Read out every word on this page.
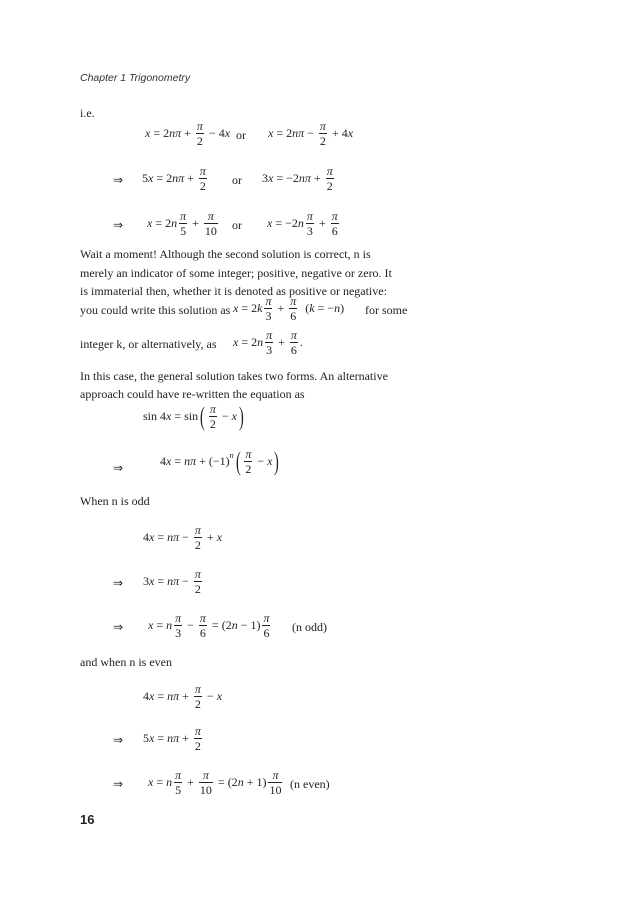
Chapter 1 Trigonometry
i.e.
x = 2 $n\pi + \frac{\pi}{2} - 4$ x or x = 2 $n\pi - \frac{\pi}{2} + 4$ x
⇒ 5 x = 2 $n\pi + \frac{\pi}{2}$ or 3 x = −2 $n\pi + \frac{\pi}{2}$
⇒ x = 2 n π
5
+ $\frac{\pi}{10}$ or x = −2 n π
3
+ $\frac{\pi}{6}$
Wait a moment! Although the second solution is correct, n is
merely an indicator of some integer; positive, negative or zero. It
is immaterial then, whether it is denoted as positive or negative:
you could write this solution as x = 2 k π
3
+ $\frac{\pi}{6}$ ( k = − n ) for some
integer k, or alternatively, as x = 2 n π
3
+ $\frac{\pi}{6}$ .
In this case, the general solution takes two forms. An alternative
approach could have re-written the equation as
sin 4 x = sin ( π
2
− x )
⇒	4 x = nπ + (−1) n ( π
2
− x )
When n is odd
4 $x = n\pi - \frac{\pi}{2} + x$
⇒ 3 $x = n\pi - \frac{\pi}{2}$
⇒ x = n π
3
− $\frac{\pi}{6} = (2$ $n - 1) \frac{\pi}{6} (n$ odd)
and when n is even
4 $x = n\pi + \frac{\pi}{2} - x$
⇒ 5 $x = n\pi + \frac{\pi}{2}$
⇒ x = n π
5
+ $\frac{\pi}{10} = (2$ $n + 1) \frac{\pi}{10} (n$ even)
16
